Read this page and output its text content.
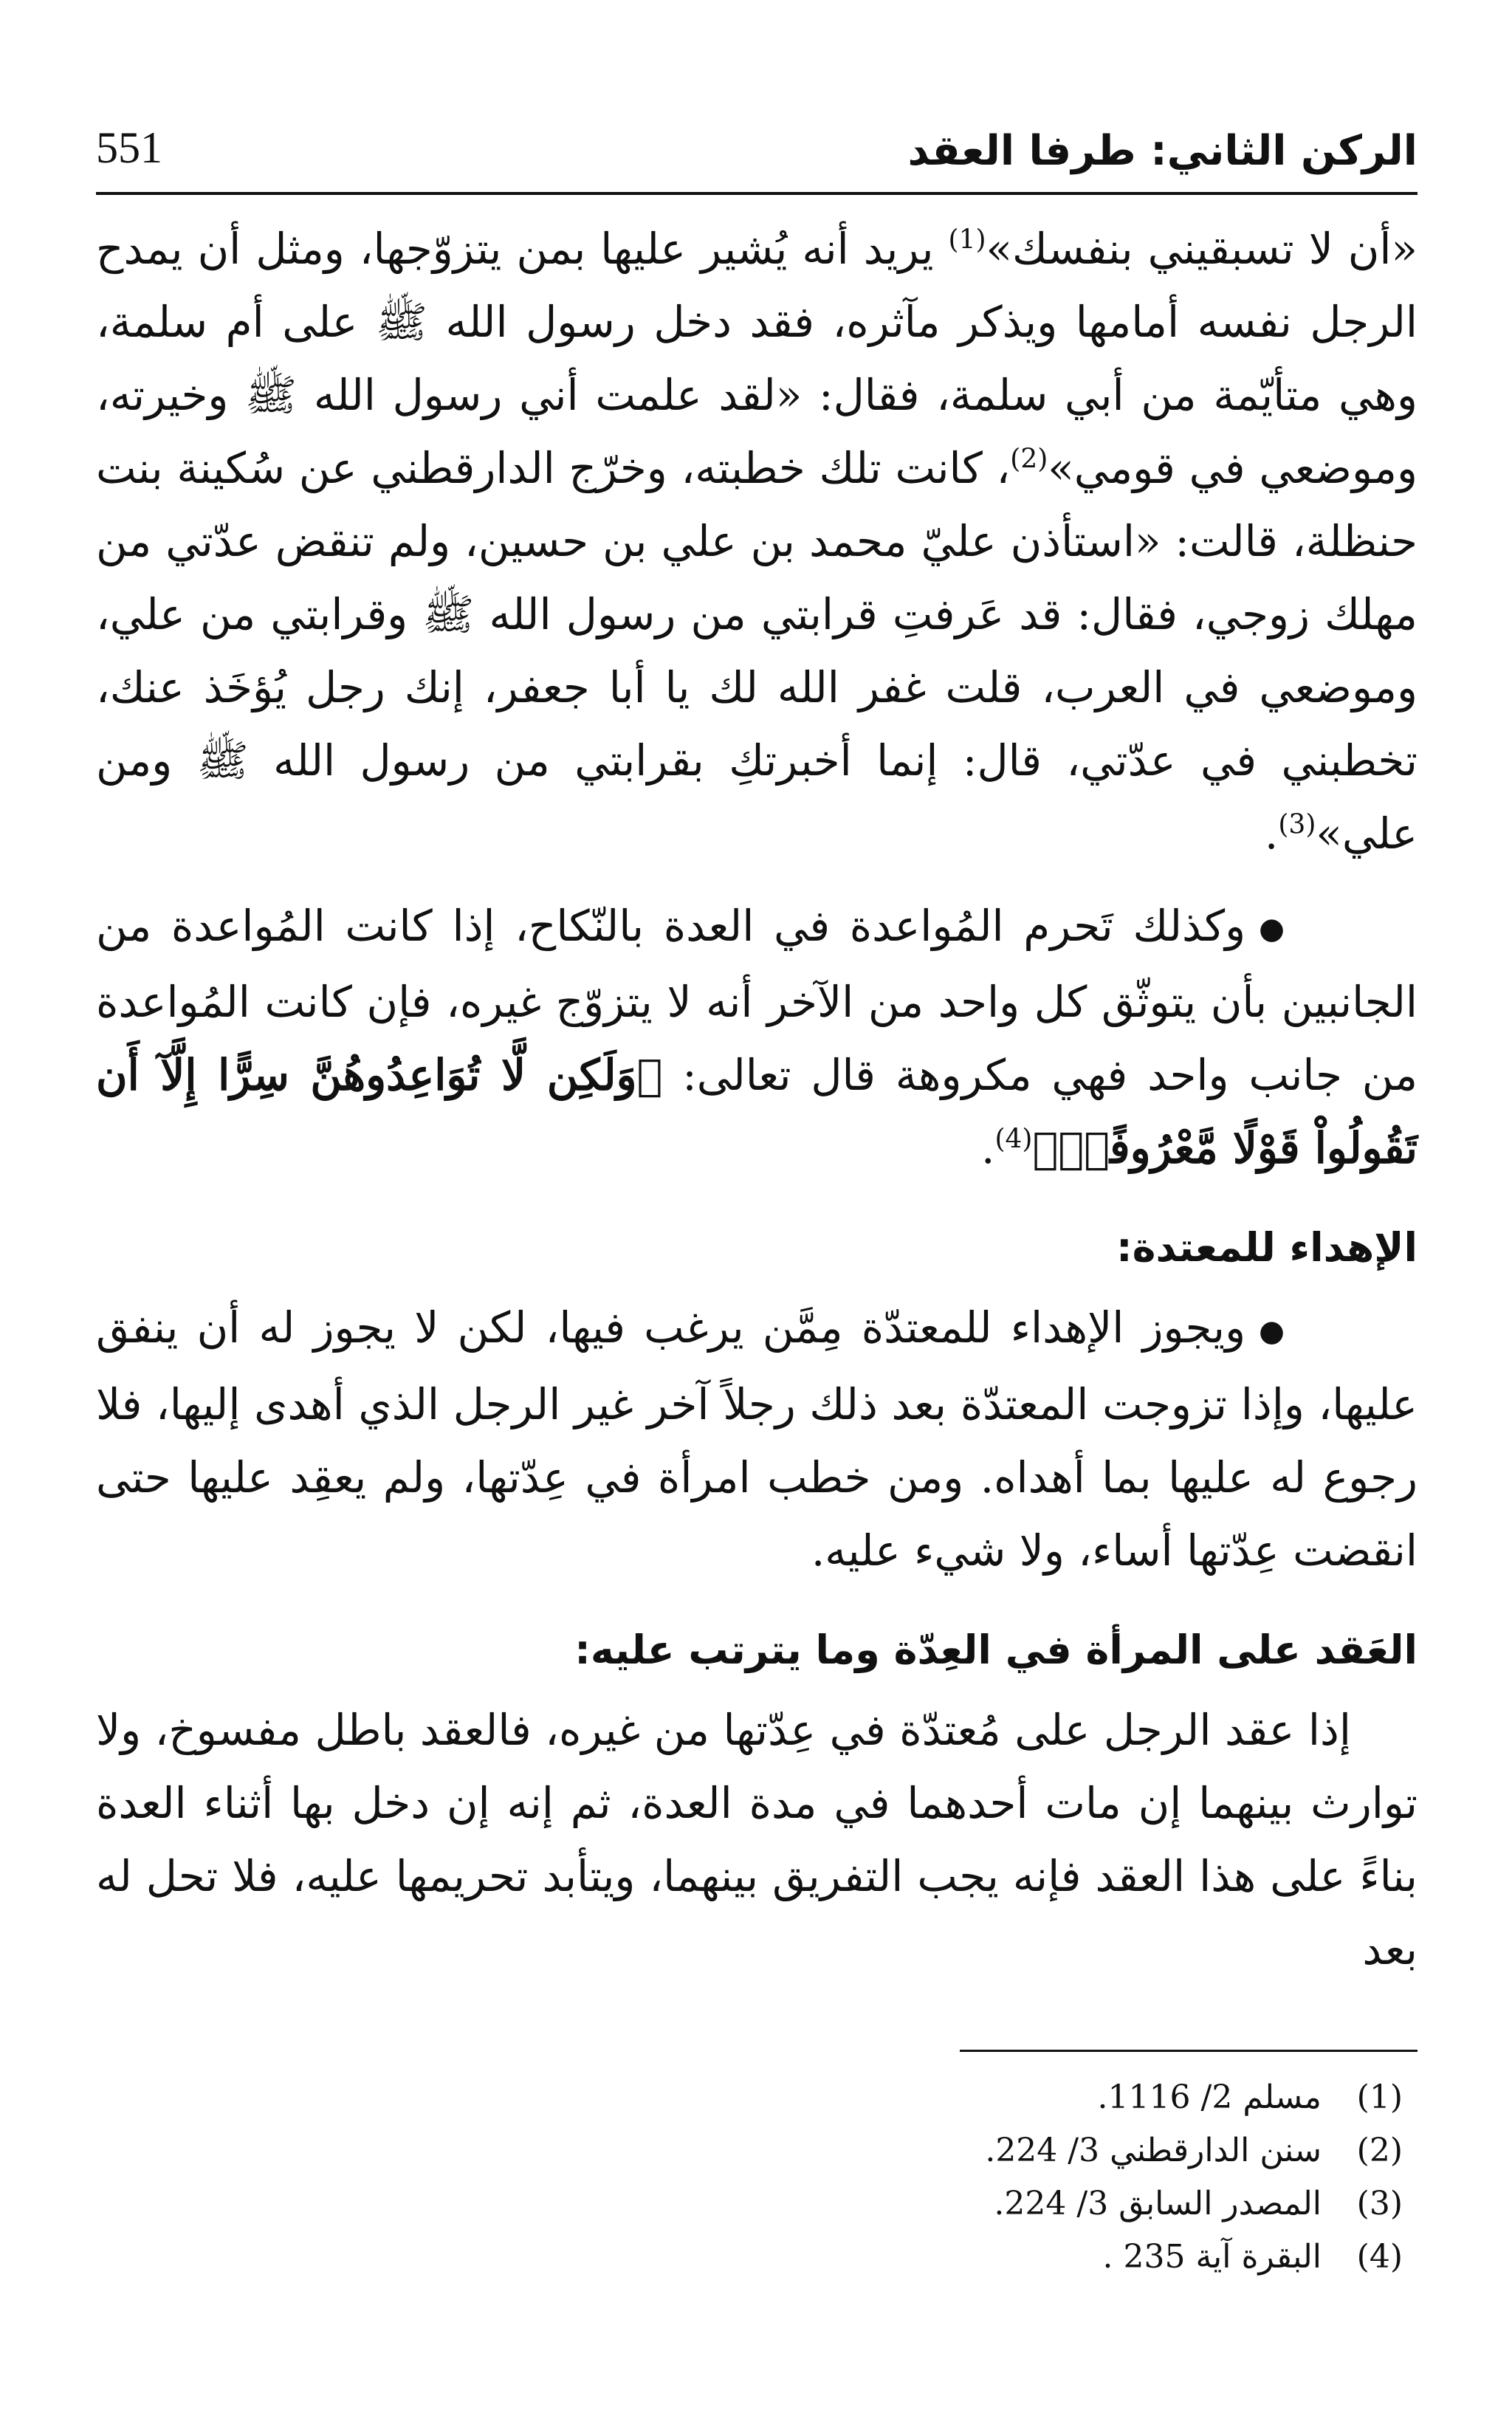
الركن الثاني: طرفا العقد
551

«أن لا تسبقيني بنفسك»$^{(1)}$ يريد أنه يُشير عليها بمن يتزوّجها، ومثل أن يمدح الرجل نفسه أمامها ويذكر مآثره، فقد دخل رسول الله ﷺ على أم سلمة، وهي متأيّمة من أبي سلمة، فقال: «لقد علمت أني رسول الله ﷺ وخيرته، وموضعي في قومي»$^{(2)}$، كانت تلك خطبته، وخرّج الدارقطني عن سُكينة بنت حنظلة، قالت: «استأذن عليّ محمد بن علي بن حسين، ولم تنقض عدّتي من مهلك زوجي، فقال: قد عَرفتِ قرابتي من رسول الله ﷺ وقرابتي من علي، وموضعي في العرب، قلت غفر الله لك يا أبا جعفر، إنك رجل يُؤخَذ عنك، تخطبني في عدّتي، قال: إنما أخبرتكِ بقرابتي من رسول الله ﷺ ومن علي»$^{(3)}$.

●وكذلك تَحرم المُواعدة في العدة بالنّكاح، إذا كانت المُواعدة من الجانبين بأن يتوثّق كل واحد من الآخر أنه لا يتزوّج غيره، فإن كانت المُواعدة من جانب واحد فهي مكروهة قال تعالى: ﴿وَلَكِن لَّا تُوَاعِدُوهُنَّ سِرًّا إِلَّآ أَن تَقُولُواْ قَوْلًا مَّعْرُوفًاۚ﴾$^{(4)}$.

الإهداء للمعتدة:

●ويجوز الإهداء للمعتدّة مِمَّن يرغب فيها، لكن لا يجوز له أن ينفق عليها، وإذا تزوجت المعتدّة بعد ذلك رجلاً آخر غير الرجل الذي أهدى إليها، فلا رجوع له عليها بما أهداه. ومن خطب امرأة في عِدّتها، ولم يعقِد عليها حتى انقضت عِدّتها أساء، ولا شيء عليه.

العَقد على المرأة في العِدّة وما يترتب عليه:

إذا عقد الرجل على مُعتدّة في عِدّتها من غيره، فالعقد باطل مفسوخ، ولا توارث بينهما إن مات أحدهما في مدة العدة، ثم إنه إن دخل بها أثناء العدة بناءً على هذا العقد فإنه يجب التفريق بينهما، ويتأبد تحريمها عليه، فلا تحل له بعد

(1)
مسلم 2/ 1116.
(2)
سنن الدارقطني 3/ 224.
(3)
المصدر السابق 3/ 224.
(4)
البقرة آية 235 .
